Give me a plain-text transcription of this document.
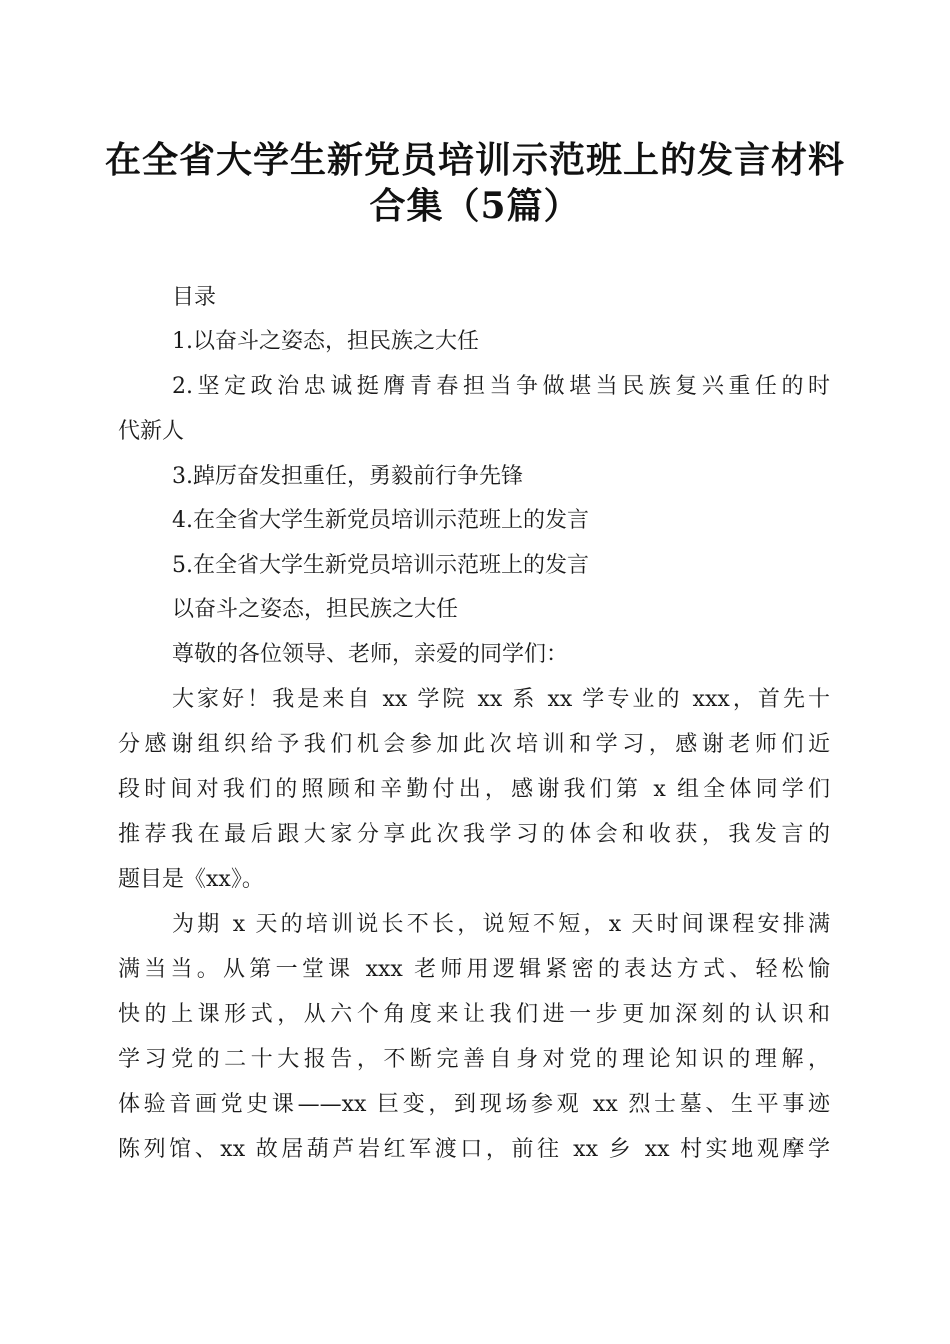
在全省大学生新党员培训示范班上的发言材料
合集（5篇）
目录
1.以奋斗之姿态，担民族之大任
2.坚定政治忠诚挺膺青春担当争做堪当民族复兴重任的时
代新人
3.踔厉奋发担重任，勇毅前行争先锋
4.在全省大学生新党员培训示范班上的发言
5.在全省大学生新党员培训示范班上的发言
以奋斗之姿态，担民族之大任
尊敬的各位领导、老师，亲爱的同学们：
大家好！我是来自 xx 学院 xx 系 xx 学专业的 xxx，首先十
分感谢组织给予我们机会参加此次培训和学习，感谢老师们近
段时间对我们的照顾和辛勤付出，感谢我们第 x 组全体同学们
推荐我在最后跟大家分享此次我学习的体会和收获，我发言的
题目是《xx》。
为期 x 天的培训说长不长，说短不短，x 天时间课程安排满
满当当。从第一堂课 xxx 老师用逻辑紧密的表达方式、轻松愉
快的上课形式，从六个角度来让我们进一步更加深刻的认识和
学习党的二十大报告，不断完善自身对党的理论知识的理解，
体验音画党史课——xx 巨变，到现场参观 xx 烈士墓、生平事迹
陈列馆、xx 故居葫芦岩红军渡口，前往 xx 乡 xx 村实地观摩学
